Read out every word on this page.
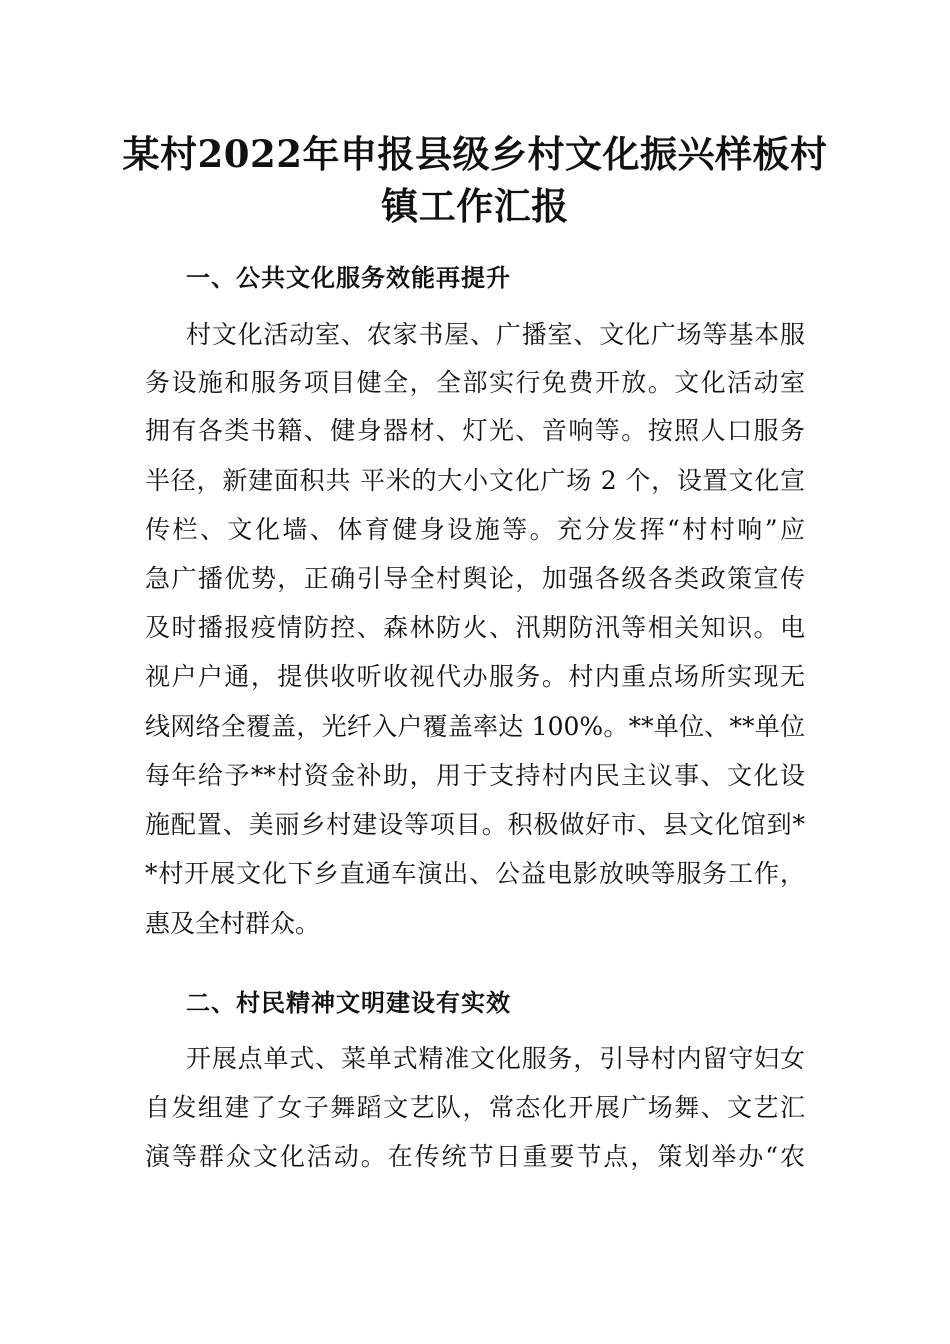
某村2022年申报县级乡村文化振兴样板村
镇工作汇报
一、公共文化服务效能再提升
村文化活动室、农家书屋、广播室、文化广场等基本服
务设施和服务项目健全，全部实行免费开放。文化活动室
拥有各类书籍、健身器材、灯光、音响等。按照人口服务
半径，新建面积共 平米的大小文化广场 2 个，设置文化宣
传栏、文化墙、体育健身设施等。充分发挥“村村响”应
急广播优势，正确引导全村舆论，加强各级各类政策宣传
及时播报疫情防控、森林防火、汛期防汛等相关知识。电
视户户通，提供收听收视代办服务。村内重点场所实现无
线网络全覆盖，光纤入户覆盖率达 100%。**单位、**单位
每年给予**村资金补助，用于支持村内民主议事、文化设
施配置、美丽乡村建设等项目。积极做好市、县文化馆到*
*村开展文化下乡直通车演出、公益电影放映等服务工作，
惠及全村群众。
二、村民精神文明建设有实效
开展点单式、菜单式精准文化服务，引导村内留守妇女
自发组建了女子舞蹈文艺队，常态化开展广场舞、文艺汇
演等群众文化活动。在传统节日重要节点，策划举办“农
